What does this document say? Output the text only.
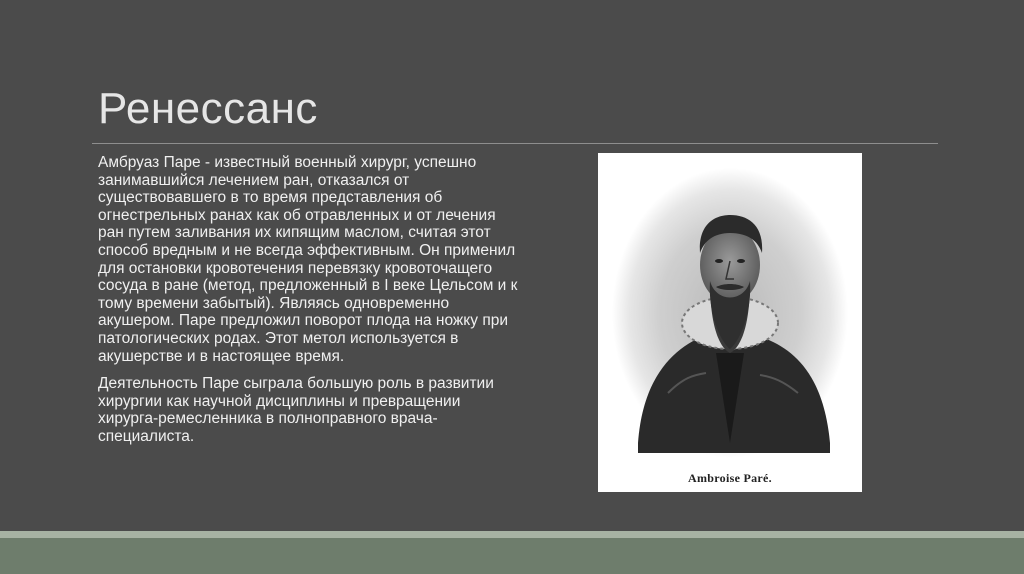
Ренессанс

Амбруаз Паре - известный военный хирург, успешно занимавшийся лечением ран, отказался от существовавшего в то время представления об огнестрельных ранах как об отравленных и от лечения ран путем заливания их кипящим маслом, считая этот способ вредным и не всегда эффективным. Он применил для остановки кровотечения перевязку кровоточащего сосуда в ране (метод, предложенный в I веке Цельсом и к тому времени забытый). Являясь одновременно акушером. Паре предложил поворот плода на ножку при патологических родах. Этот метол используется в акушерстве и в настоящее время.

Деятельность Паре сыграла большую роль в развитии хирургии как научной дисциплины и превращении хирурга-ремесленника в полноправного врача-специалиста.

Ambroise Paré.
